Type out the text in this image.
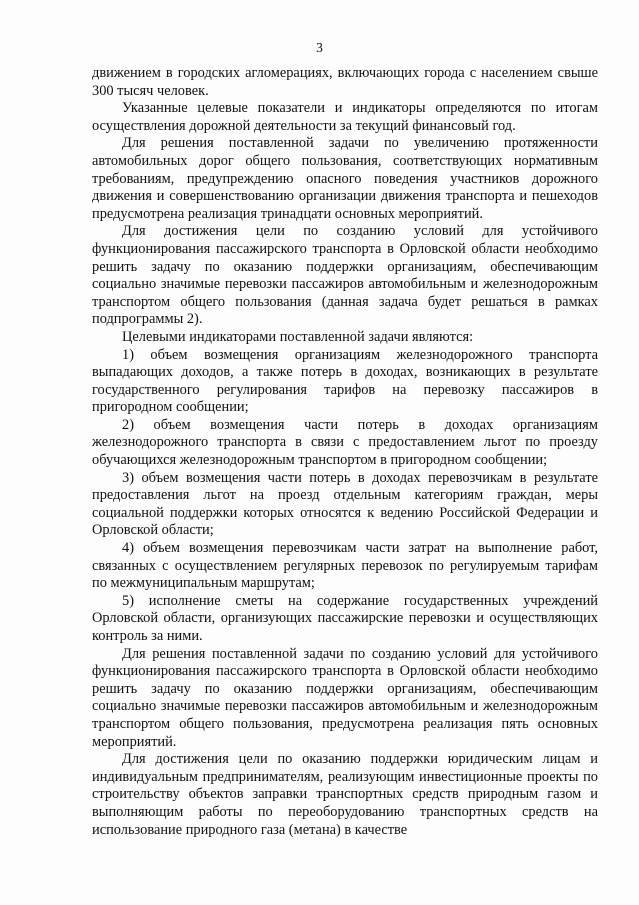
3

движением в городских агломерациях, включающих города с населением свыше 300 тысяч человек.

Указанные целевые показатели и индикаторы определяются по итогам осуществления дорожной деятельности за текущий финансовый год.

Для решения поставленной задачи по увеличению протяженности автомобильных дорог общего пользования, соответствующих нормативным требованиям, предупреждению опасного поведения участников дорожного движения и совершенствованию организации движения транспорта и пешеходов предусмотрена реализация тринадцати основных мероприятий.

Для достижения цели по созданию условий для устойчивого функционирования пассажирского транспорта в Орловской области необходимо решить задачу по оказанию поддержки организациям, обеспечивающим социально значимые перевозки пассажиров автомобильным и железнодорожным транспортом общего пользования (данная задача будет решаться в рамках подпрограммы 2).

Целевыми индикаторами поставленной задачи являются:

1) объем возмещения организациям железнодорожного транспорта выпадающих доходов, а также потерь в доходах, возникающих в результате государственного регулирования тарифов на перевозку пассажиров в пригородном сообщении;

2) объем возмещения части потерь в доходах организациям железнодорожного транспорта в связи с предоставлением льгот по проезду обучающихся железнодорожным транспортом в пригородном сообщении;

3) объем возмещения части потерь в доходах перевозчикам в результате предоставления льгот на проезд отдельным категориям граждан, меры социальной поддержки которых относятся к ведению Российской Федерации и Орловской области;

4) объем возмещения перевозчикам части затрат на выполнение работ, связанных с осуществлением регулярных перевозок по регулируемым тарифам по межмуниципальным маршрутам;

5) исполнение сметы на содержание государственных учреждений Орловской области, организующих пассажирские перевозки и осуществляющих контроль за ними.

Для решения поставленной задачи по созданию условий для устойчивого функционирования пассажирского транспорта в Орловской области необходимо решить задачу по оказанию поддержки организациям, обеспечивающим социально значимые перевозки пассажиров автомобильным и железнодорожным транспортом общего пользования, предусмотрена реализация пять основных мероприятий.

Для достижения цели по оказанию поддержки юридическим лицам и индивидуальным предпринимателям, реализующим инвестиционные проекты по строительству объектов заправки транспортных средств природным газом и выполняющим работы по переоборудованию транспортных средств на использование природного газа (метана) в качестве
